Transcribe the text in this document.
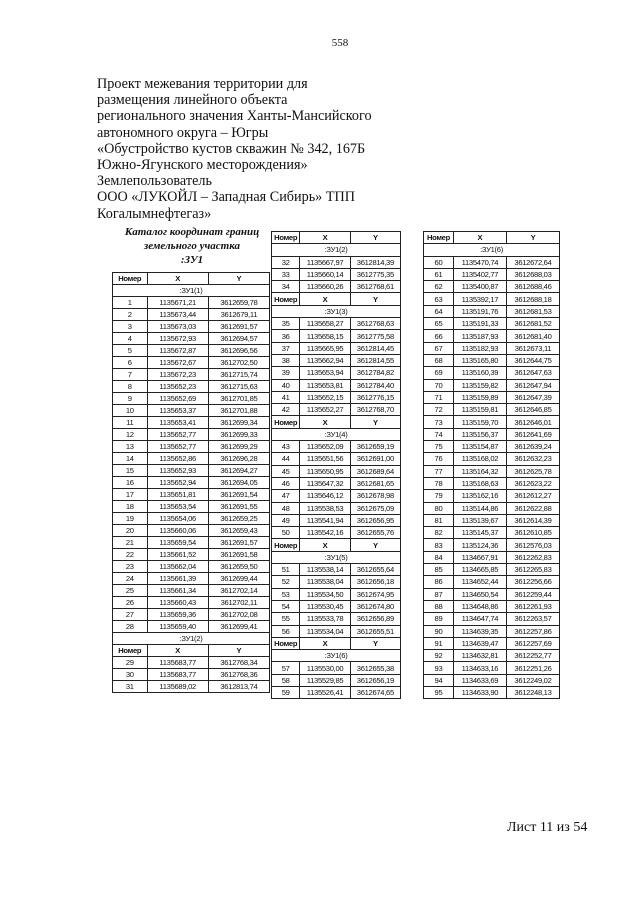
558
Проект межевания территории для
размещения линейного объекта
регионального значения Ханты-Мансийского
автономного округа – Югры
«Обустройство кустов скважин № 342, 167Б
Южно-Ягунского месторождения»
Землепользователь
ООО «ЛУКОЙЛ – Западная Сибирь» ТПП
Когалымнефтегаз»
Каталог координат границ
земельного участка
:ЗУ1
Номер	X	Y
:ЗУ1(1)		
1	1135671,21	3612659,78
2	1135673,44	3612679,11
3	1135673,03	3612691,57
4	1135672,93	3612694,57
5	1135672,87	3612696,56
6	1135672,67	3612702,50
7	1135672,23	3612715,74
8	1135652,23	3612715,63
9	1135652,69	3612701,85
10	1135653,37	3612701,88
11	1135653,41	3612699,34
12	1135652,77	3612699,33
13	1135652,77	3612699,29
14	1135652,86	3612696,28
15	1135652,93	3612694,27
16	1135652,94	3612694,05
17	1135651,81	3612691,54
18	1135653,54	3612691,55
19	1135654,06	3612659,25
20	1135660,06	3612659,43
21	1135659,54	3612691,57
22	1135661,52	3612691,58
23	1135662,04	3612659,50
24	1135661,39	3612699,44
25	1135661,34	3612702,14
26	1135660,43	3612702,11
27	1135659,36	3612702,08
28	1135659,40	3612699,41
:ЗУ1(2)		
Номер	X	Y
29	1135683,77	3612768,34
30	1135683,77	3612768,36
31	1135689,02	3612813,74
Номер	X	Y
:ЗУ1(2)		
32	1135667,97	3612814,39
33	1135660,14	3612775,35
34	1135660,26	3612768,61
Номер	X	Y
:ЗУ1(3)		
35	1135658,27	3612768,63
36	1135658,15	3612775,58
37	1135665,95	3612814,45
38	1135662,94	3612814,55
39	1135653,94	3612784,82
40	1135653,81	3612784,40
41	1135652,15	3612776,15
42	1135652,27	3612768,70
Номер	X	Y
:ЗУ1(4)		
43	1135652,09	3612659,19
44	1135651,56	3612691,00
45	1135650,95	3612689,64
46	1135647,32	3612681,65
47	1135646,12	3612678,98
48	1135538,53	3612675,09
49	1135541,94	3612656,95
50	1135542,16	3612655,76
Номер	X	Y
:ЗУ1(5)		
51	1135538,14	3612655,64
52	1135538,04	3612656,18
53	1135534,50	3612674,95
54	1135530,45	3612674,80
55	1135533,78	3612656,89
56	1135534,04	3612655,51
Номер	X	Y
:ЗУ1(6)		
57	1135530,00	3612655,38
58	1135529,85	3612656,19
59	1135526,41	3612674,65
Номер	X	Y
:ЗУ1(6)		
60	1135470,74	3612672,64
61	1135402,77	3612688,03
62	1135400,87	3612688,46
63	1135392,17	3612688,18
64	1135191,76	3612681,53
65	1135191,33	3612681,52
66	1135187,93	3612681,40
67	1135182,93	3612673,11
68	1135165,80	3612644,75
69	1135160,39	3612647,63
70	1135159,82	3612647,94
71	1135159,89	3612647,39
72	1135159,81	3612646,85
73	1135159,70	3612646,01
74	1135156,37	3612641,69
75	1135154,87	3612639,24
76	1135168,02	3612632,23
77	1135164,32	3612625,78
78	1135168,63	3612623,22
79	1135162,16	3612612,27
80	1135144,86	3612622,88
81	1135139,67	3612614,39
82	1135145,37	3612610,85
83	1135124,36	3612576,03
84	1134667,91	3612262,83
85	1134665,85	3612265,83
86	1134652,44	3612256,66
87	1134650,54	3612259,44
88	1134648,86	3612261,93
89	1134647,74	3612263,57
90	1134639,35	3612257,86
91	1134639,47	3612257,69
92	1134632,81	3612252,77
93	1134633,16	3612251,26
94	1134633,69	3612249,02
95	1134633,90	3612248,13
Лист 11 из 54
